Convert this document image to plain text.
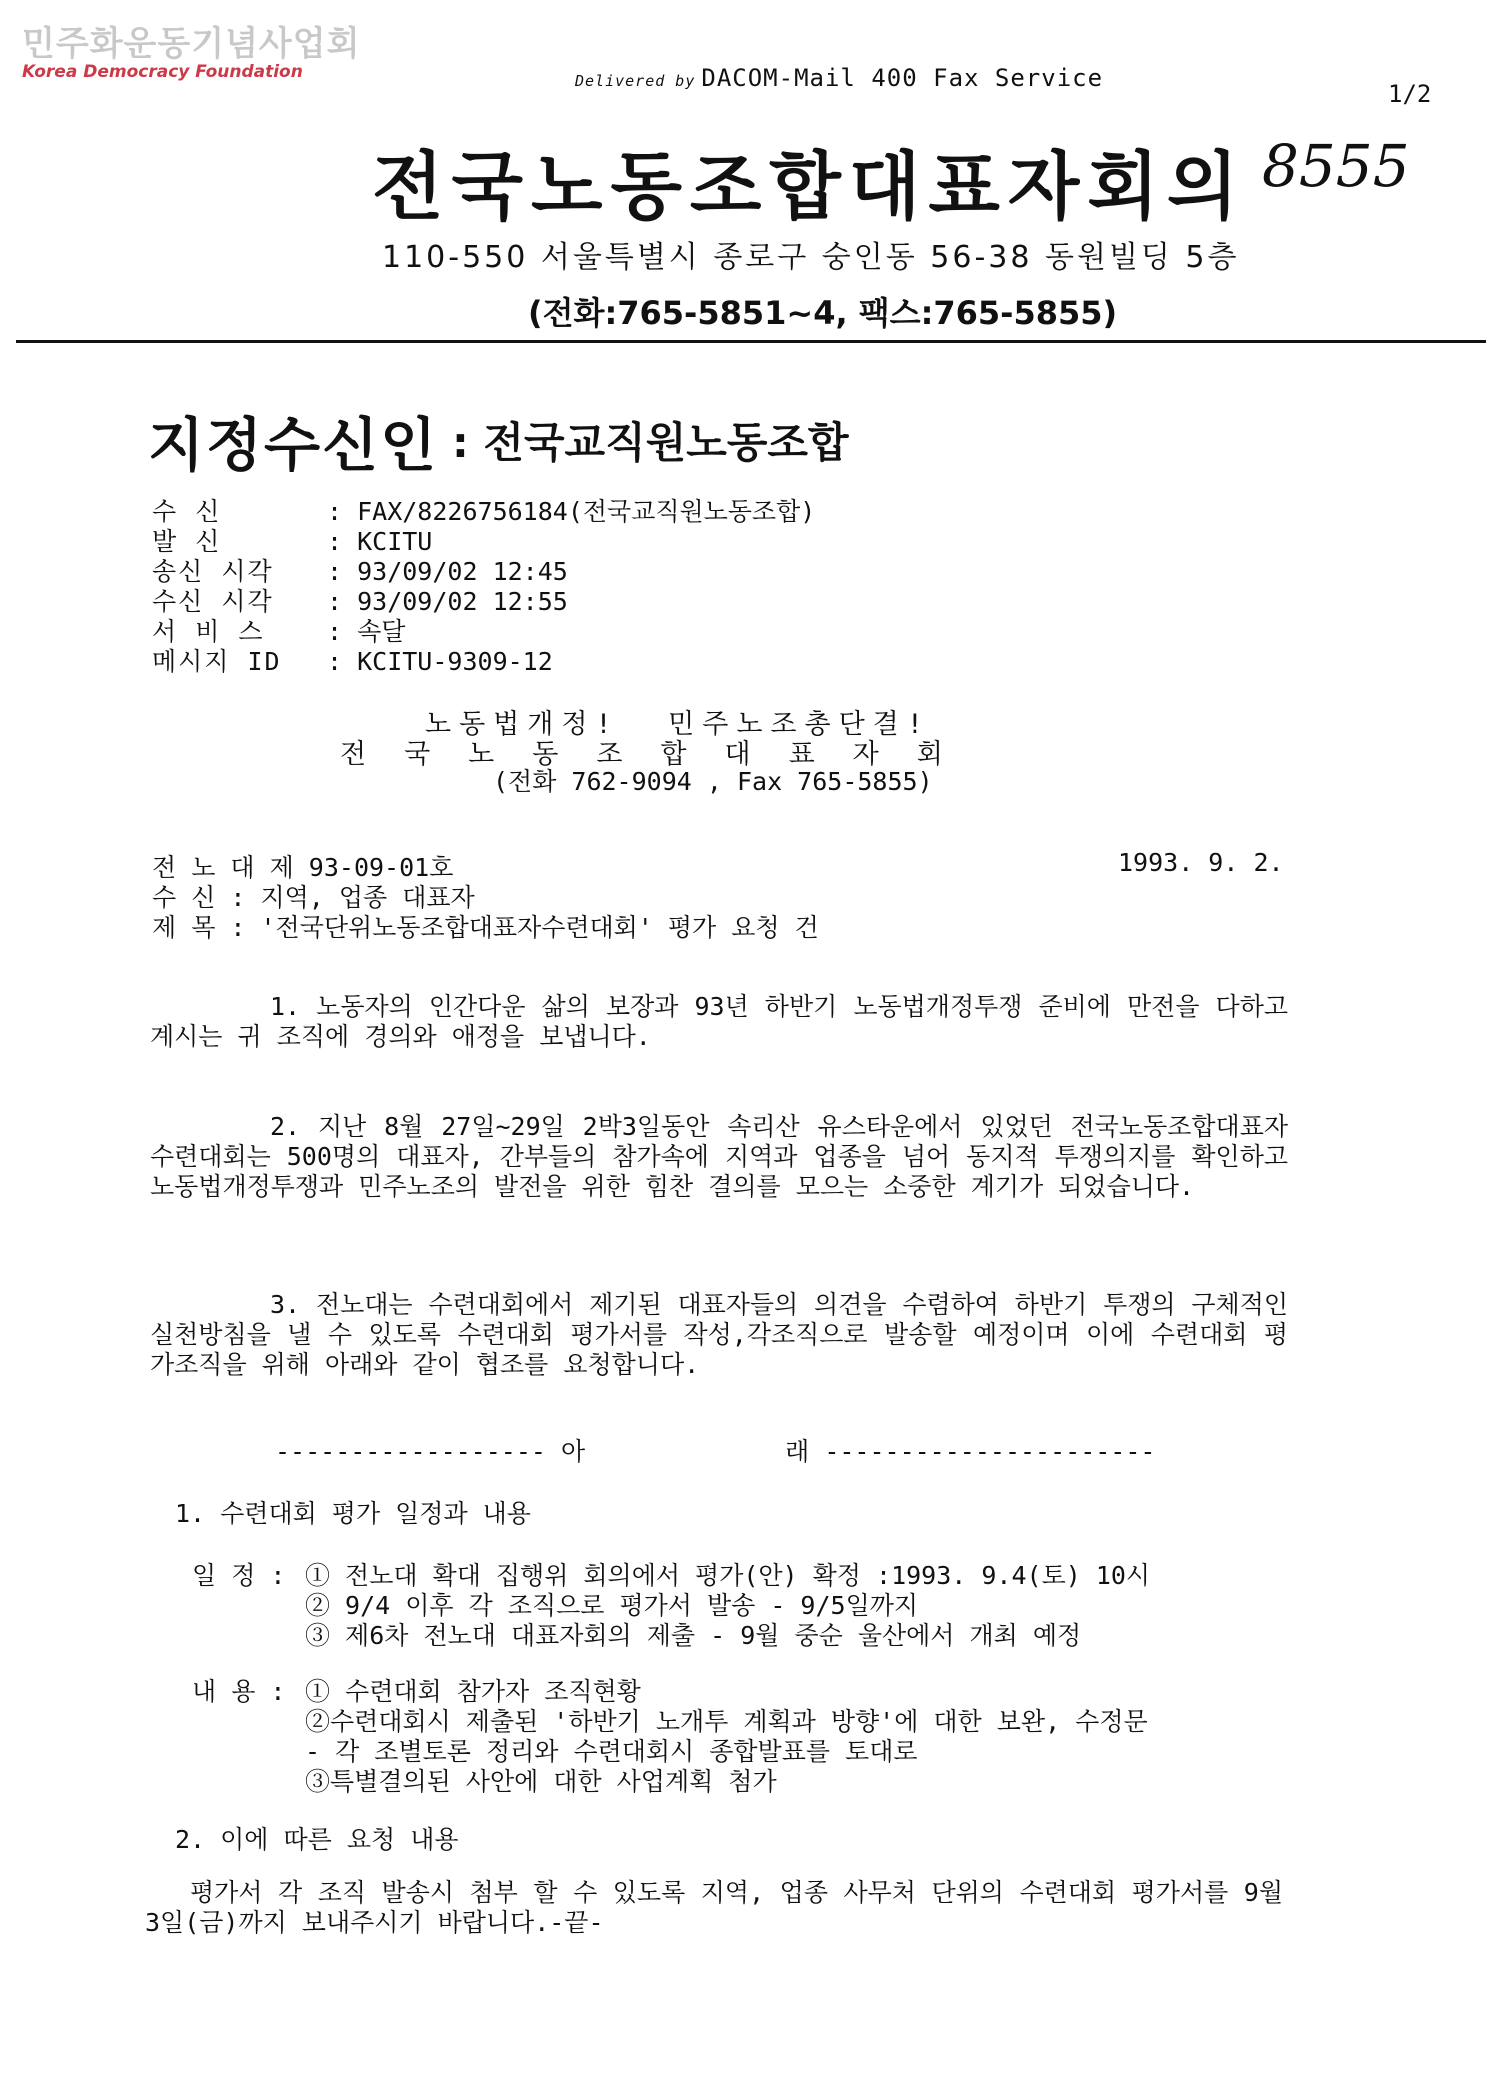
민주화운동기념사업회
Korea Democracy Foundation	Delivered by DACOM-Mail 400 Fax Service
1/2
전국노동조합대표자회의 8555
110-550 서울특별시 종로구 숭인동 56-38 동원빌딩 5층
(전화:765-5851~4, 팩스:765-5855)
지정수신인 : 전국교직원노동조합
수 신	: FAX/8226756184(전국교직원노동조합)
발 신	: KCITU
송신 시각 : 93/09/02 12:45
수신 시각 : 93/09/02 12:55
서 비 스 : 속달
메시지 ID : KCITU-9309-12
노동법개정!  민주노조총단결!
전국노동조합대표자회
(전화 762-9094 , Fax 765-5855)
전 노 대 제 93-09-01호	1993. 9. 2.
수 신 : 지역, 업종 대표자
제 목 : '전국단위노동조합대표자수련대회' 평가 요청 건
1. 노동자의 인간다운 삶의 보장과 93년 하반기 노동법개정투쟁 준비에 만전을 다하고 계시는 귀 조직에 경의와 애정을 보냅니다.
2. 지난 8월 27일~29일 2박3일동안 속리산 유스타운에서 있었던 전국노동조합대표자수련대회는 500명의 대표자, 간부들의 참가속에 지역과 업종을 넘어 동지적 투쟁의지를 확인하고 노동법개정투쟁과 민주노조의 발전을 위한 힘찬 결의를 모으는 소중한 계기가 되었습니다.
3. 전노대는 수련대회에서 제기된 대표자들의 의견을 수렴하여 하반기 투쟁의 구체적인 실천방침을 낼 수 있도록 수련대회 평가서를 작성,각조직으로 발송할 예정이며 이에 수련대회 평가조직을 위해 아래와 같이 협조를 요청합니다.
------------------ 아	래 ----------------------
1. 수련대회 평가 일정과 내용
일 정 : ① 전노대 확대 집행위 회의에서 평가(안) 확정 :1993. 9.4(토) 10시
② 9/4 이후 각 조직으로 평가서 발송 - 9/5일까지
③ 제6차 전노대 대표자회의 제출 - 9월 중순 울산에서 개최 예정
내 용 : ① 수련대회 참가자 조직현황
②수련대회시 제출된 '하반기 노개투 계획과 방향'에 대한 보완, 수정문
- 각 조별토론 정리와 수련대회시 종합발표를 토대로
③특별결의된 사안에 대한 사업계획 첨가
2. 이에 따른 요청 내용
평가서 각 조직 발송시 첨부 할 수 있도록 지역, 업종 사무처 단위의 수련대회 평가서를 9월 3일(금)까지 보내주시기 바랍니다.-끝-
